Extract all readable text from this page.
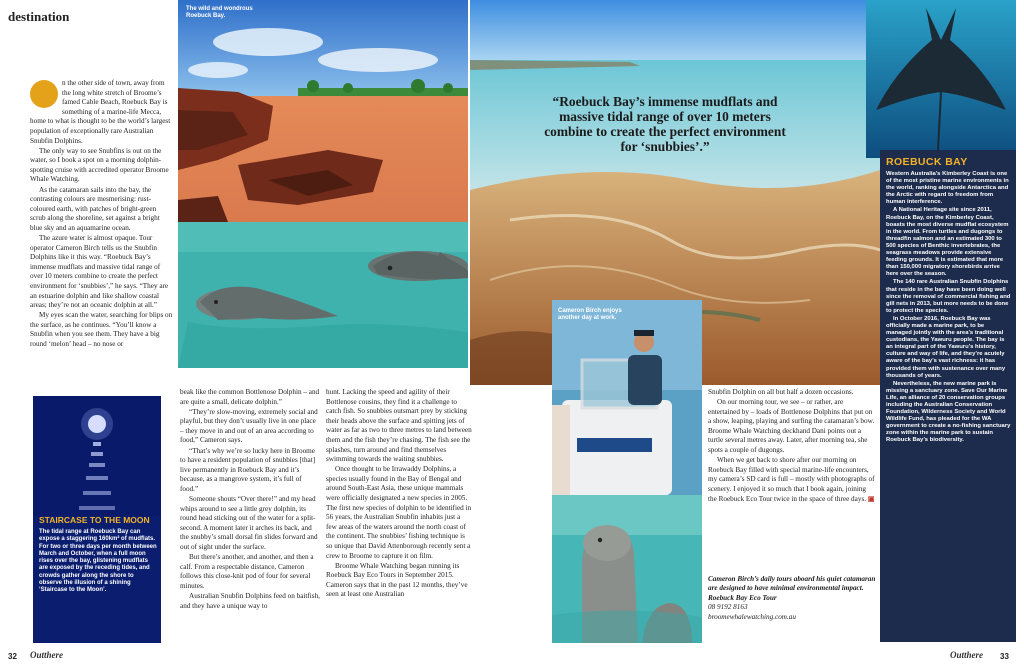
destination

n the other side of town, away from the long white stretch of Broome’s famed Cable Beach, Roebuck Bay is something of a marine-life Mecca, home to what is thought to be the world’s largest population of exceptionally rare Australian Snubfin Dolphins.

The only way to see Snubfins is out on the water, so I book a spot on a morning dolphin-spotting cruise with accredited operator Broome Whale Watching.

As the catamaran sails into the bay, the contrasting colours are mesmerising: rust-coloured earth, with patches of bright-green scrub along the shoreline, set against a bright blue sky and an aquamarine ocean.

The azure water is almost opaque. Tour operator Cameron Birch tells us the Snubfin Dolphins like it this way. “Roebuck Bay’s immense mudflats and massive tidal range of over 10 meters combine to create the perfect environment for ‘snubbies’,” he says. “They are an estuarine dolphin and like shallow coastal areas; they’re not an oceanic dolphin at all.”

My eyes scan the water, searching for blips on the surface, as he continues. “You’ll know a Snubfin when you see them. They have a big round ‘melon’ head – no nose or

The wild and wondrous Roebuck Bay.
STAIRCASE TO THE MOON

The tidal range at Roebuck Bay can expose a staggering 160km² of mudflats. For two or three days per month between March and October, when a full moon rises over the bay, glistening mudflats are exposed by the receding tides, and crowds gather along the shore to observe the illusion of a shining ‘Staircase to the Moon’.

beak like the common Bottlenose Dolphin – and are quite a small, delicate dolphin.”

“They’re slow-moving, extremely social and playful, but they don’t usually live in one place – they move in and out of an area according to food,” Cameron says.

“That’s why we’re so lucky here in Broome to have a resident population of snubbies [that] live permanently in Roebuck Bay and it’s because, as a mangrove system, it’s full of food.”

Someone shouts “Over there!” and my head whips around to see a little grey dolphin, its round head sticking out of the water for a split-second. A moment later it arches its back, and the snubby’s small dorsal fin slides forward and out of sight under the surface.

But there’s another, and another, and then a calf. From a respectable distance, Cameron follows this close-knit pod of four for several minutes.

Australian Snubfin Dolphins feed on baitfish, and they have a unique way to

hunt. Lacking the speed and agility of their Bottlenose cousins, they find it a challenge to catch fish. So snubbies outsmart prey by sticking their heads above the surface and spitting jets of water as far as two to three metres to land between them and the fish they’re chasing. The fish see the splashes, turn around and find themselves swimming towards the waiting snubbies.

Once thought to be Irrawaddy Dolphins, a species usually found in the Bay of Bengal and around South-East Asia, these unique mammals were officially designated a new species in 2005. The first new species of dolphin to be identified in 56 years, the Australian Snubfin inhabits just a few areas of the waters around the north coast of the continent. The snubbies’ fishing technique is so unique that David Attenborough recently sent a crew to Broome to capture it on film.

Broome Whale Watching began running its Roebuck Bay Eco Tours in September 2015. Cameron says that in the past 12 months, they’ve seen at least one Australian

32 Outthere
“Roebuck Bay’s immense mudflats and massive tidal range of over 10 meters combine to create the perfect environment for ‘snubbies’.”
ROEBUCK BAY

Western Australia’s Kimberley Coast is one of the most pristine marine environments in the world, ranking alongside Antarctica and the Arctic with regard to freedom from human interference.

A National Heritage site since 2011, Roebuck Bay, on the Kimberley Coast, boasts the most diverse mudflat ecosystem in the world. From turtles and dugongs to threadfin salmon and an estimated 300 to 500 species of Benthic invertebrates, the seagrass meadows provide extensive feeding grounds. It is estimated that more than 150,000 migratory shorebirds arrive here over the season.

The 140 rare Australian Snubfin Dolphins that reside in the bay have been doing well since the removal of commercial fishing and gill nets in 2013, but more needs to be done to protect the species.

In October 2016, Roebuck Bay was officially made a marine park, to be managed jointly with the area’s traditional custodians, the Yawuru people. The bay is an integral part of the Yawuru’s history, culture and way of life, and they’re acutely aware of the bay’s vast richness: it has provided them with sustenance over many thousands of years.

Nevertheless, the new marine park is missing a sanctuary zone. Save Our Marine Life, an alliance of 20 conservation groups including the Australian Conservation Foundation, Wilderness Society and World Wildlife Fund, has pleaded for the WA government to create a no-fishing sanctuary zone within the marine park to sustain Roebuck Bay’s biodiversity.

Cameron Birch enjoys another day at work.

Snubfin Dolphin on all but half a dozen occasions.

On our morning tour, we see – or rather, are entertained by – loads of Bottlenose Dolphins that put on a show, leaping, playing and surfing the catamaran’s bow. Broome Whale Watching deckhand Dani points out a turtle several metres away. Later, after morning tea, she spots a couple of dugongs.

When we get back to shore after our morning on Roebuck Bay filled with special marine-life encounters, my camera’s SD card is full – mostly with photographs of scenery. I enjoyed it so much that I book again, joining the Roebuck Eco Tour twice in the space of three days. ▣

Cameron Birch’s daily tours aboard his quiet catamaran are designed to have minimal environmental impact.
Roebuck Bay Eco Tour
08 9192 8163
broomewhalewatching.com.au
Outthere 33
